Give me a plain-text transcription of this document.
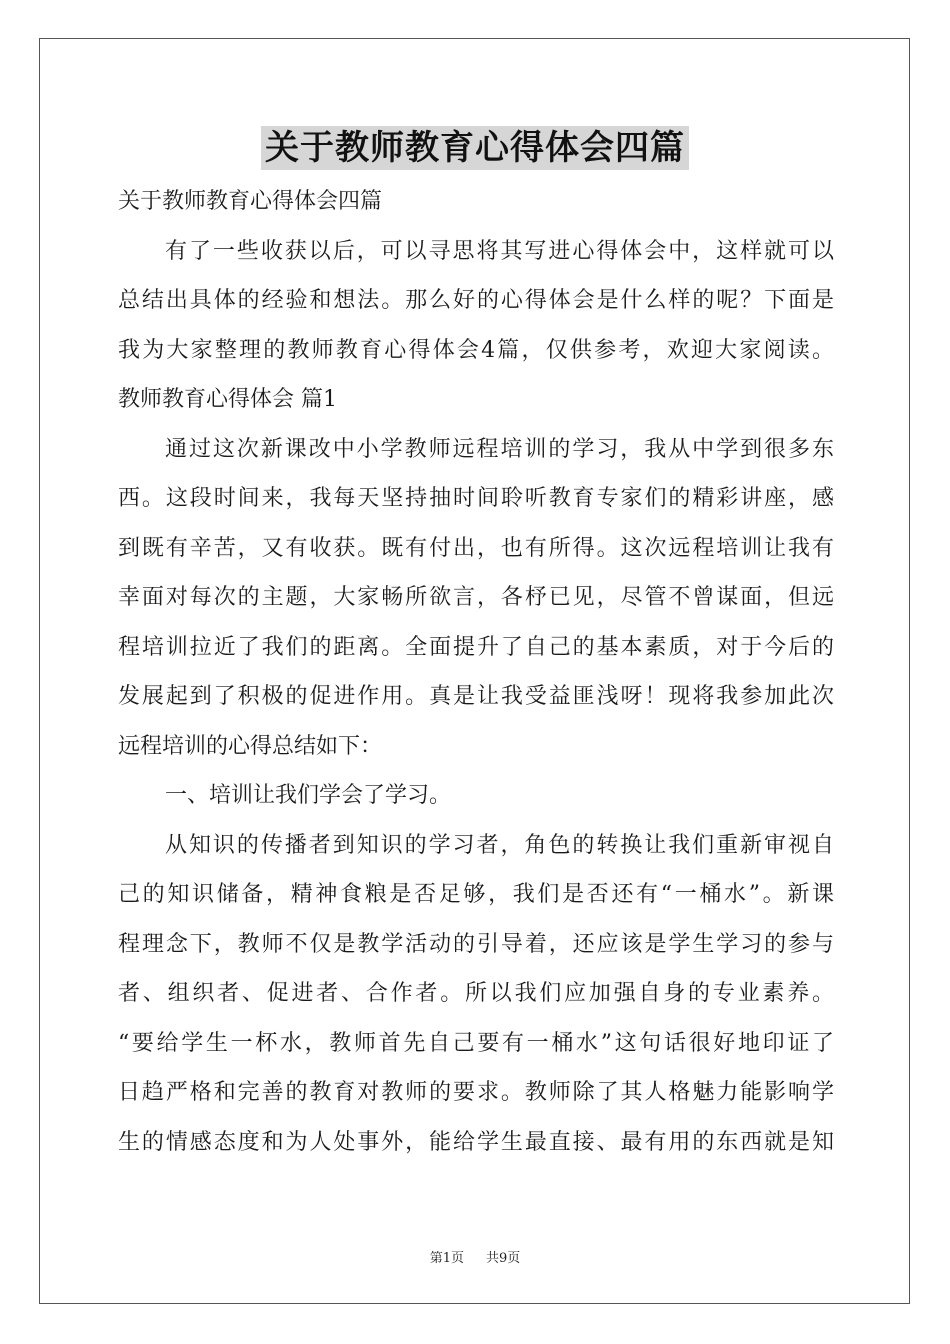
关于教师教育心得体会四篇
关于教师教育心得体会四篇
有了一些收获以后，可以寻思将其写进心得体会中，这样就可以
总结出具体的经验和想法。那么好的心得体会是什么样的呢？下面是
我为大家整理的教师教育心得体会4篇，仅供参考，欢迎大家阅读。
教师教育心得体会 篇1
通过这次新课改中小学教师远程培训的学习，我从中学到很多东
西。这段时间来，我每天坚持抽时间聆听教育专家们的精彩讲座，感
到既有辛苦，又有收获。既有付出，也有所得。这次远程培训让我有
幸面对每次的主题，大家畅所欲言，各杼已见，尽管不曾谋面，但远
程培训拉近了我们的距离。全面提升了自己的基本素质，对于今后的
发展起到了积极的促进作用。真是让我受益匪浅呀！现将我参加此次
远程培训的心得总结如下：
一、培训让我们学会了学习。
从知识的传播者到知识的学习者，角色的转换让我们重新审视自
己的知识储备，精神食粮是否足够，我们是否还有“一桶水”。新课
程理念下，教师不仅是教学活动的引导着，还应该是学生学习的参与
者、组织者、促进者、合作者。所以我们应加强自身的专业素养。
“要给学生一杯水，教师首先自己要有一桶水”这句话很好地印证了
日趋严格和完善的教育对教师的要求。教师除了其人格魅力能影响学
生的情感态度和为人处事外，能给学生最直接、最有用的东西就是知
第1页 共9页
